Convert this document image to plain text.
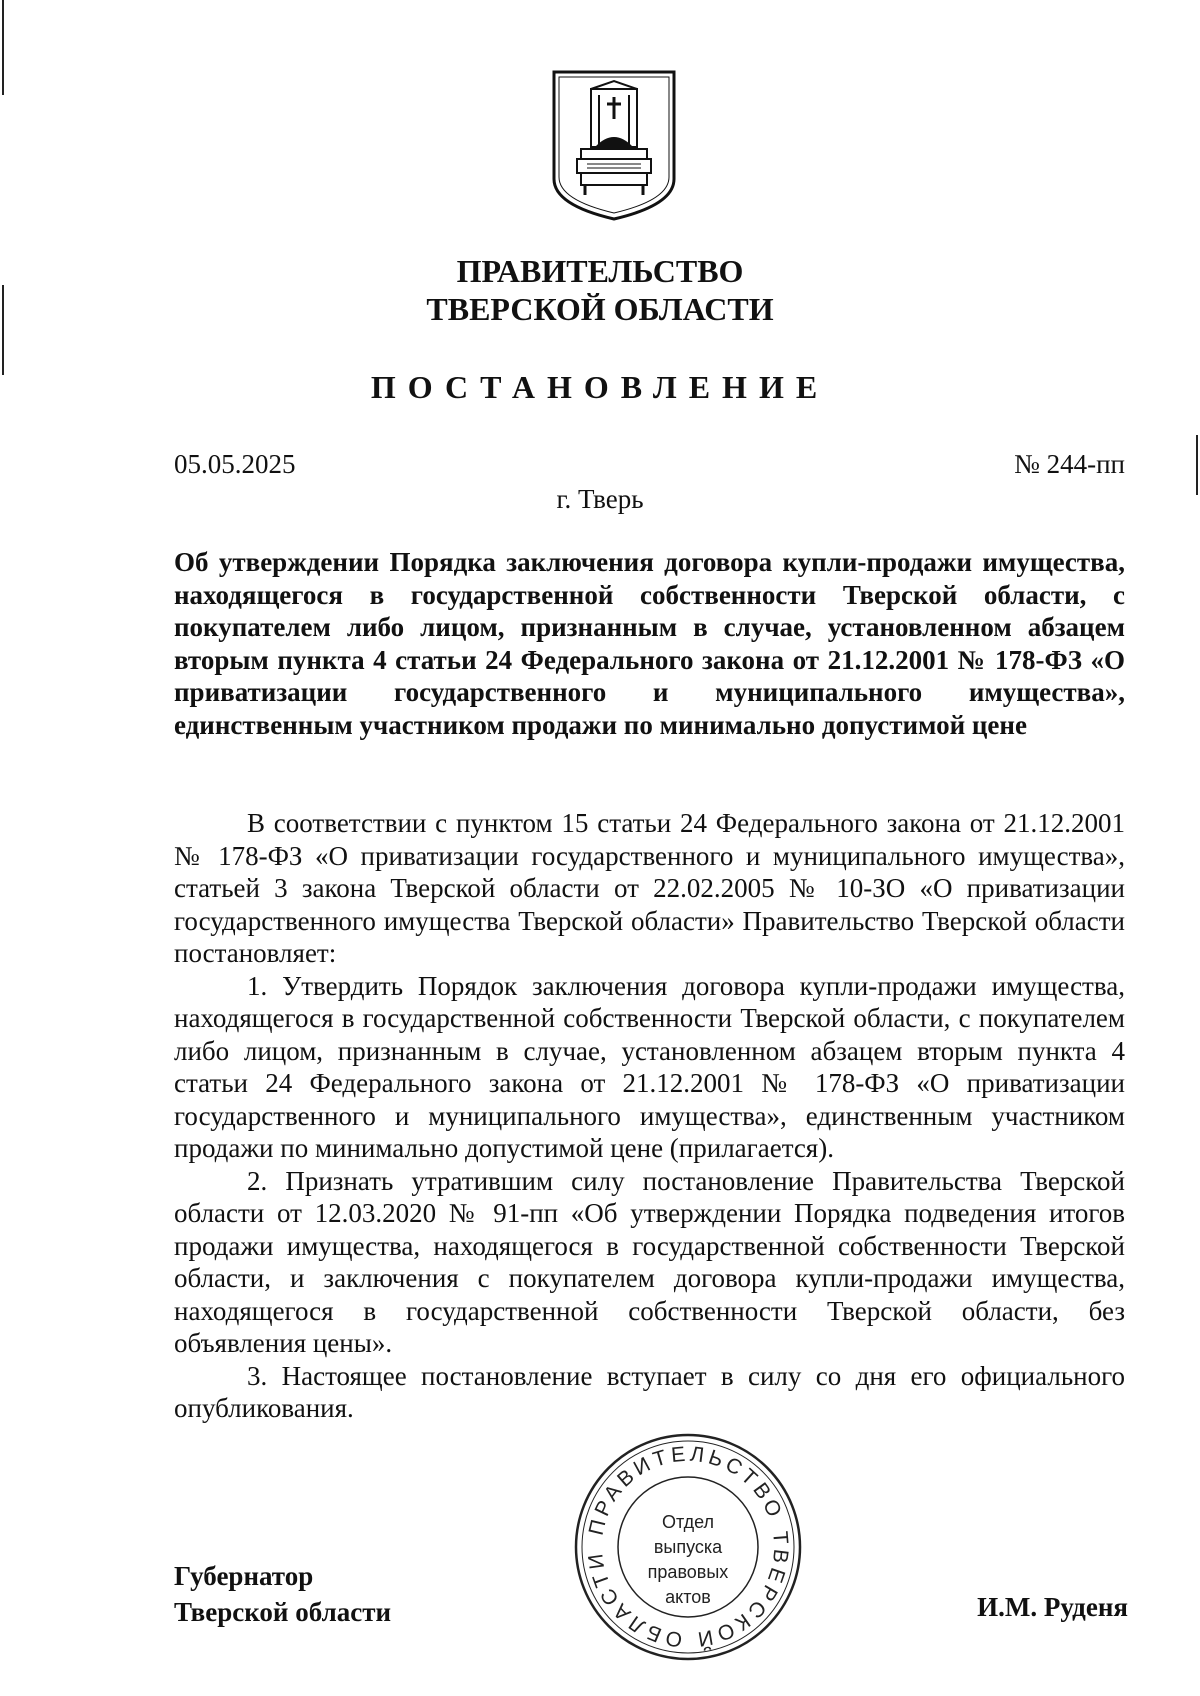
ПРАВИТЕЛЬСТВО
ТВЕРСКОЙ ОБЛАСТИ
ПОСТАНОВЛЕНИЕ
05.05.2025	№ 244-пп
г. Тверь
Об утверждении Порядка заключения договора купли-продажи имущества, находящегося в государственной собственности Тверской области, с покупателем либо лицом, признанным в случае, установленном абзацем вторым пункта 4 статьи 24 Федерального закона от 21.12.2001 № 178-ФЗ «О приватизации государственного и муниципального имущества», единственным участником продажи по минимально допустимой цене

В соответствии с пунктом 15 статьи 24 Федерального закона от 21.12.2001 № 178-ФЗ «О приватизации государственного и муниципального имущества», статьей 3 закона Тверской области от 22.02.2005 № 10-ЗО «О приватизации государственного имущества Тверской области» Правительство Тверской области постановляет:

1. Утвердить Порядок заключения договора купли-продажи имущества, находящегося в государственной собственности Тверской области, с покупателем либо лицом, признанным в случае, установленном абзацем вторым пункта 4 статьи 24 Федерального закона от 21.12.2001 № 178-ФЗ «О приватизации государственного и муниципального имущества», единственным участником продажи по минимально допустимой цене (прилагается).

2. Признать утратившим силу постановление Правительства Тверской области от 12.03.2020 № 91-пп «Об утверждении Порядка подведения итогов продажи имущества, находящегося в государственной собственности Тверской области, и заключения с покупателем договора купли-продажи имущества, находящегося в государственной собственности Тверской области, без объявления цены».

3. Настоящее постановление вступает в силу со дня его официального опубликования.

ПРАВИТЕЛЬСТВО ТВЕРСКОЙ ОБЛАСТИ
Отдел
выпуска
правовых
актов
Губернатор
Тверской области	И.М. Руденя
